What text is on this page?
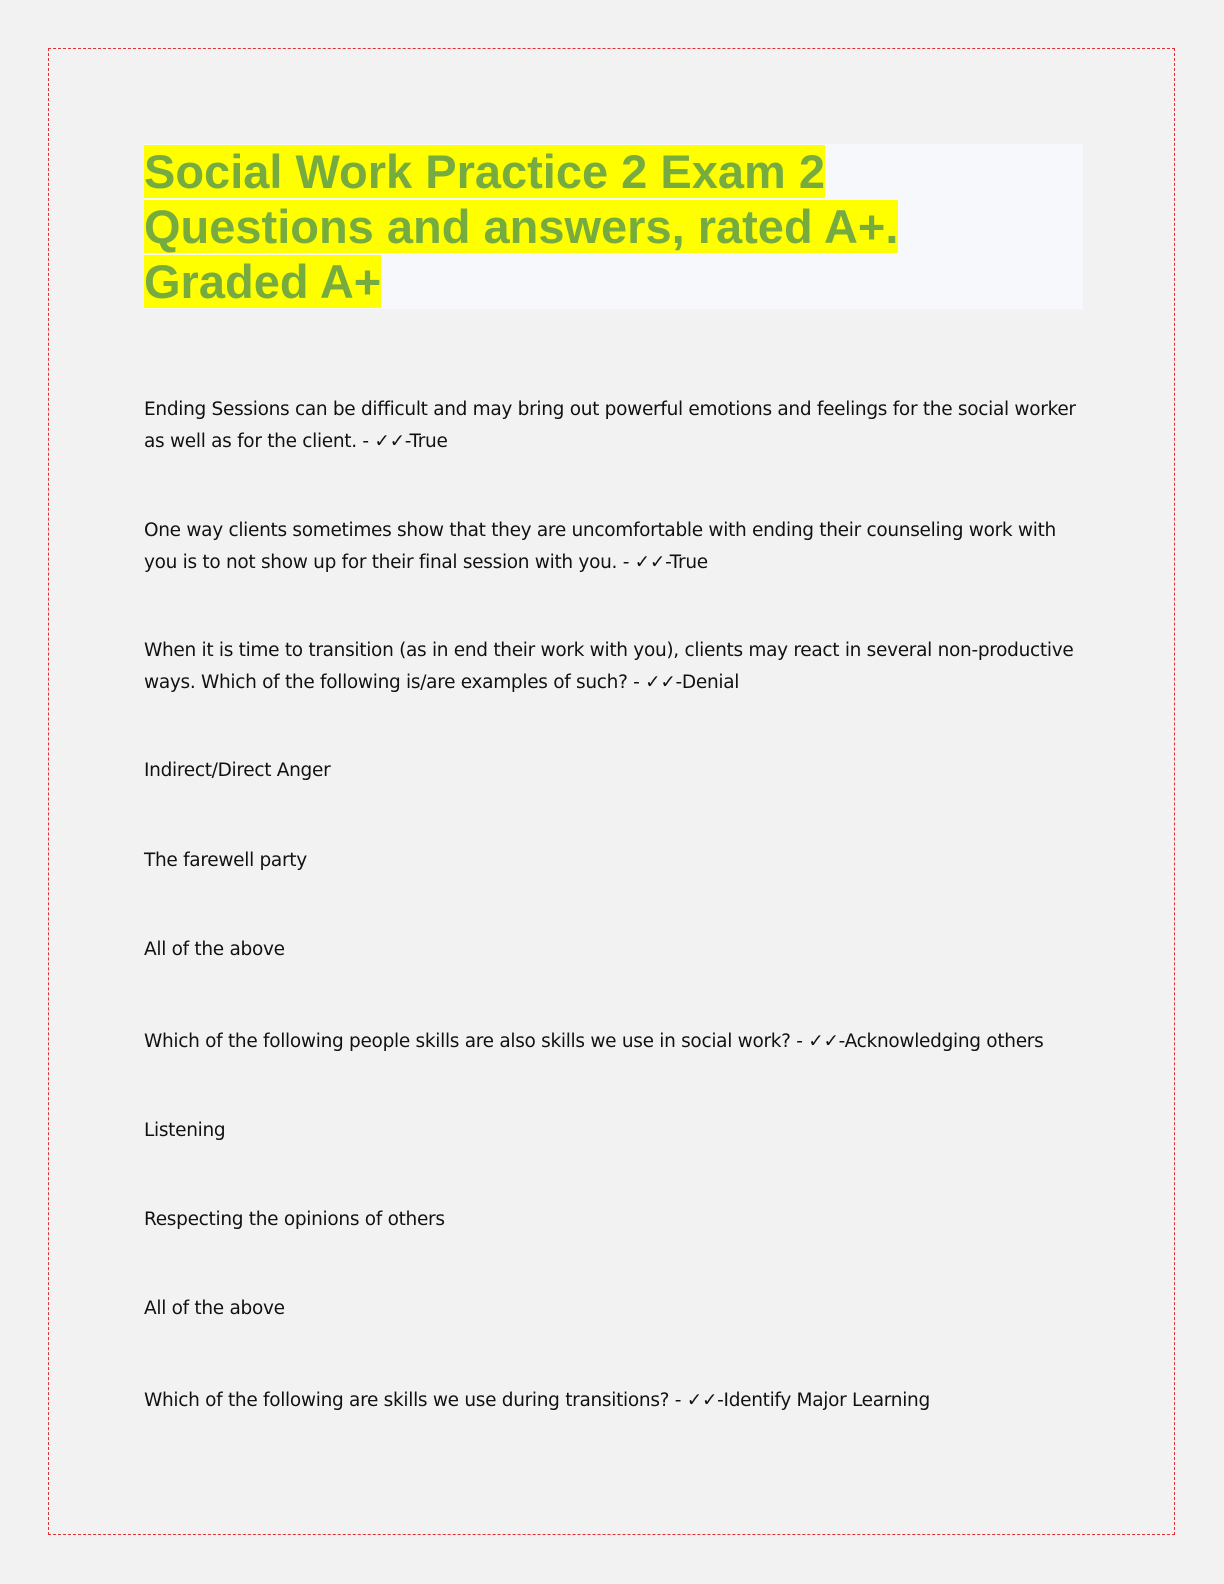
Social Work Practice 2 Exam 2
Questions and answers, rated A+.
Graded A+

Ending Sessions can be difficult and may bring out powerful emotions and feelings for the social worker as well as for the client. - ✓✓-True

One way clients sometimes show that they are uncomfortable with ending their counseling work with you is to not show up for their final session with you. - ✓✓-True

When it is time to transition (as in end their work with you), clients may react in several non-productive ways. Which of the following is/are examples of such? - ✓✓-Denial

Indirect/Direct Anger

The farewell party

All of the above

Which of the following people skills are also skills we use in social work? - ✓✓-Acknowledging others

Listening

Respecting the opinions of others

All of the above

Which of the following are skills we use during transitions? - ✓✓-Identify Major Learning
